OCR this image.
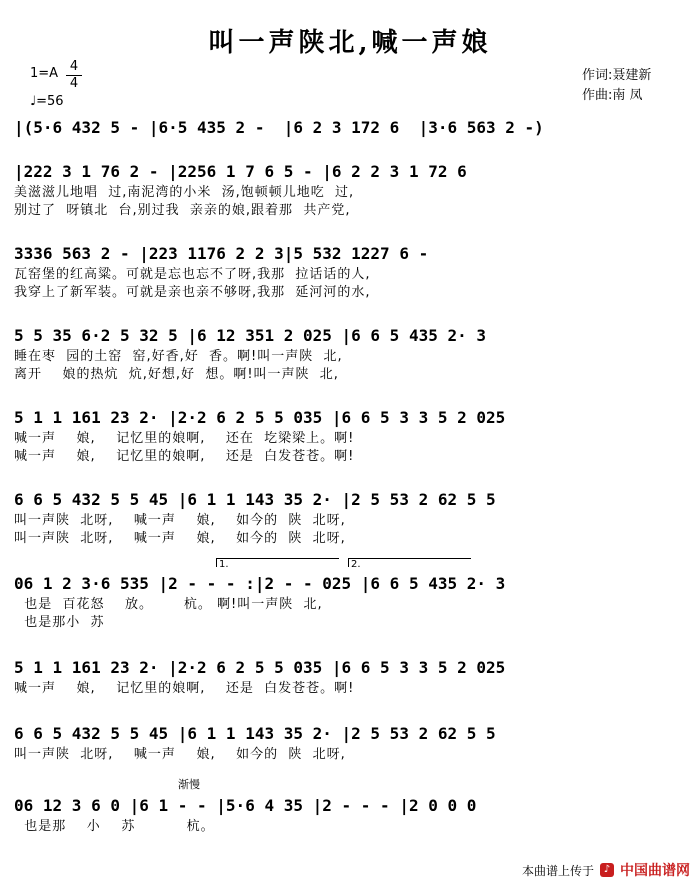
叫一声陕北,喊一声娘
1=A 4
4
♩=56
作词:聂建新
作曲:南 凤
|(5·6 432 5 - |6·5 435 2 -  |6 2 3 172 6  |3·6 563 2 -)
|222 3 1 76 2 - |2256 1 7 6 5 - |6 2 2 3 1 72 6
美滋滋儿地唱  过,南泥湾的小米  汤,饱顿顿儿地吃  过,
别过了  呀镇北  台,别过我  亲亲的娘,跟着那  共产党,
3336 563 2 - |223 1176 2 2 3|5 532 1227 6 -
瓦窑堡的红高粱。可就是忘也忘不了呀,我那  拉话话的人,
我穿上了新军装。可就是亲也亲不够呀,我那  延河河的水,
5 5 35 6·2 5 32 5 |6 12 351 2 025 |6 6 5 435 2· 3
睡在枣  园的土窑  窑,好香,好  香。啊!叫一声陕  北,
离开    娘的热炕  炕,好想,好  想。啊!叫一声陕  北,
5 1 1 161 23 2· |2·2 6 2 5 5 035 |6 6 5 3 3 5 2 025
喊一声    娘,    记忆里的娘啊,    还在  圪梁梁上。啊!
喊一声    娘,    记忆里的娘啊,    还是  白发苍苍。啊!
6 6 5 432 5 5 45 |6 1 1 143 35 2· |2 5 53 2 62 5 5
叫一声陕  北呀,    喊一声    娘,    如今的  陕  北呀,
叫一声陕  北呀,    喊一声    娘,    如今的  陕  北呀,
1.	2.
06 1 2 3·6 535 |2 - - - :|2 - - 025 |6 6 5 435 2· 3
也是  百花怒    放。      杭。 啊!叫一声陕  北,
也是那小  苏
5 1 1 161 23 2· |2·2 6 2 5 5 035 |6 6 5 3 3 5 2 025
喊一声    娘,    记忆里的娘啊,    还是  白发苍苍。啊!
6 6 5 432 5 5 45 |6 1 1 143 35 2· |2 5 53 2 62 5 5
叫一声陕  北呀,    喊一声    娘,    如今的  陕  北呀,
渐慢
06 12 3 6 0 |6 1 - - |5·6 4 35 |2 - - - |2 0 0 0
也是那    小    苏          杭。
本曲谱上传于 ♪ 中国曲谱网
